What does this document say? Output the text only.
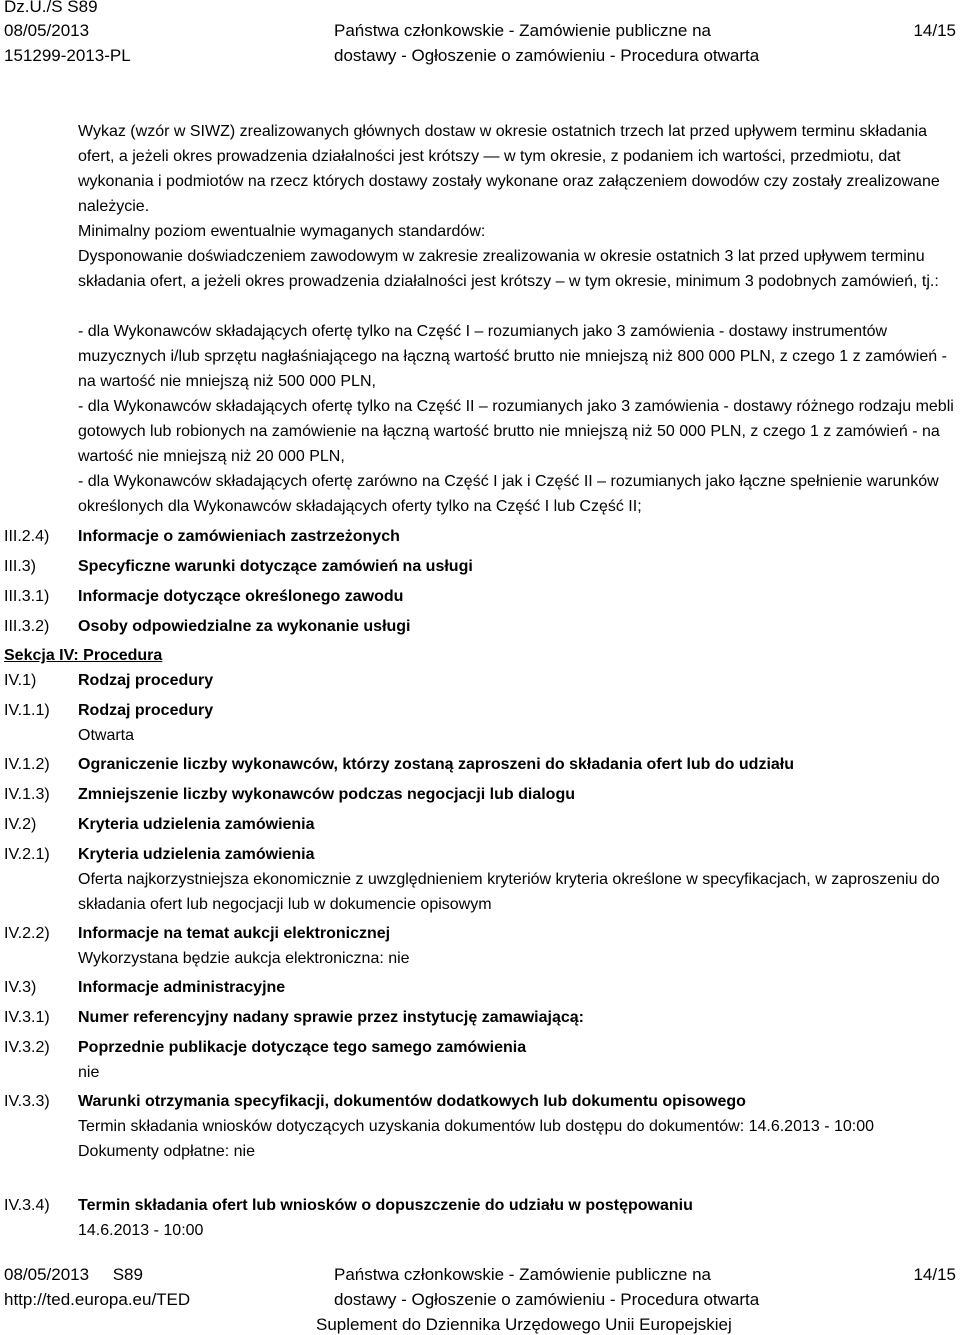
Dz.U./S S89
08/05/2013
151299-2013-PL
Państwa członkowskie - Zamówienie publiczne na
dostawy - Ogłoszenie o zamówieniu - Procedura otwarta
14/15

Wykaz (wzór w SIWZ) zrealizowanych głównych dostaw w okresie ostatnich trzech lat przed upływem terminu składania ofert, a jeżeli okres prowadzenia działalności jest krótszy — w tym okresie, z podaniem ich wartości, przedmiotu, dat wykonania i podmiotów na rzecz których dostawy zostały wykonane oraz załączeniem dowodów czy zostały zrealizowane należycie.

Minimalny poziom ewentualnie wymaganych standardów:

Dysponowanie doświadczeniem zawodowym w zakresie zrealizowania w okresie ostatnich 3 lat przed upływem terminu składania ofert, a jeżeli okres prowadzenia działalności jest krótszy – w tym okresie, minimum 3 podobnych zamówień, tj.:

- dla Wykonawców składających ofertę tylko na Część I – rozumianych jako 3 zamówienia - dostawy instrumentów muzycznych i/lub sprzętu nagłaśniającego na łączną wartość brutto nie mniejszą niż 800 000 PLN, z czego 1 z zamówień - na wartość nie mniejszą niż 500 000 PLN,

- dla Wykonawców składających ofertę tylko na Część II – rozumianych jako 3 zamówienia - dostawy różnego rodzaju mebli gotowych lub robionych na zamówienie na łączną wartość brutto nie mniejszą niż 50 000 PLN, z czego 1 z zamówień - na wartość nie mniejszą niż 20 000 PLN,

- dla Wykonawców składających ofertę zarówno na Część I jak i Część II – rozumianych jako łączne spełnienie warunków określonych dla Wykonawców składających oferty tylko na Część I lub Część II;

III.2.4) Informacje o zamówieniach zastrzeżonych
III.3)	Specyficzne warunki dotyczące zamówień na usługi
III.3.1) Informacje dotyczące określonego zawodu
III.3.2) Osoby odpowiedzialne za wykonanie usługi
Sekcja IV: Procedura
IV.1)	Rodzaj procedury
IV.1.1) Rodzaj procedury
Otwarta
IV.1.2) Ograniczenie liczby wykonawców, którzy zostaną zaproszeni do składania ofert lub do udziału
IV.1.3) Zmniejszenie liczby wykonawców podczas negocjacji lub dialogu
IV.2)	Kryteria udzielenia zamówienia
IV.2.1) Kryteria udzielenia zamówienia
Oferta najkorzystniejsza ekonomicznie z uwzględnieniem kryteriów kryteria określone w specyfikacjach, w zaproszeniu do składania ofert lub negocjacji lub w dokumencie opisowym
IV.2.2) Informacje na temat aukcji elektronicznej
Wykorzystana będzie aukcja elektroniczna: nie
IV.3)	Informacje administracyjne
IV.3.1) Numer referencyjny nadany sprawie przez instytucję zamawiającą:
IV.3.2) Poprzednie publikacje dotyczące tego samego zamówienia
nie
IV.3.3) Warunki otrzymania specyfikacji, dokumentów dodatkowych lub dokumentu opisowego
Termin składania wniosków dotyczących uzyskania dokumentów lub dostępu do dokumentów: 14.6.2013 - 10:00
Dokumenty odpłatne: nie
IV.3.4) Termin składania ofert lub wniosków o dopuszczenie do udziału w postępowaniu
14.6.2013 - 10:00
08/05/2013     S89
http://ted.europa.eu/TED
Państwa członkowskie - Zamówienie publiczne na
dostawy - Ogłoszenie o zamówieniu - Procedura otwarta
Suplement do Dziennika Urzędowego Unii Europejskiej
14/15
